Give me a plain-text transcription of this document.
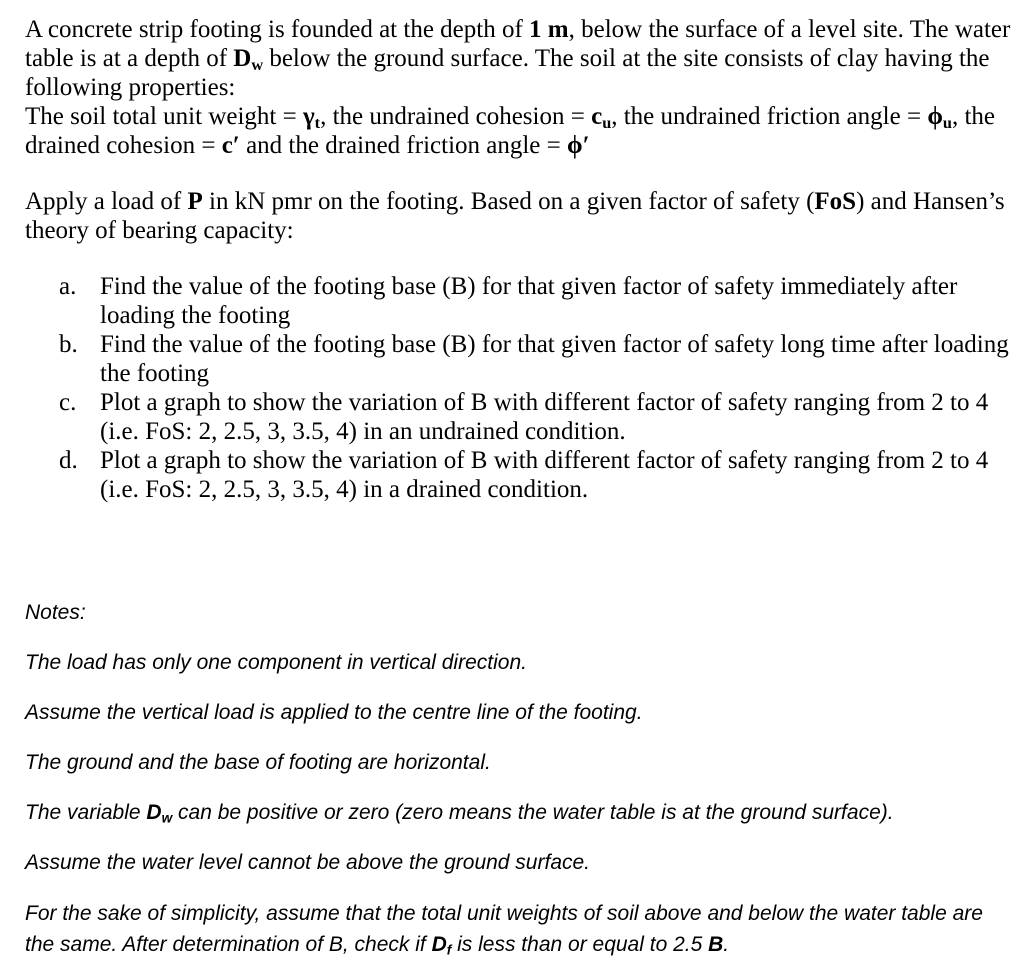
A concrete strip footing is founded at the depth of 1 m, below the surface of a level site. The water table is at a depth of $D_w$ below the ground surface. The soil at the site consists of clay having the following properties:

The soil total unit weight = $\gamma_t$, the undrained cohesion = $c_u$, the undrained friction angle = $\phi_u$, the drained cohesion = c′ and the drained friction angle = ϕ′

Apply a load of P in kN pmr on the footing. Based on a given factor of safety (FoS) and Hansen’s theory of bearing capacity:

a. Find the value of the footing base (B) for that given factor of safety immediately after loading the footing
b. Find the value of the footing base (B) for that given factor of safety long time after loading the footing
c. Plot a graph to show the variation of B with different factor of safety ranging from 2 to 4 (i.e. FoS: 2, 2.5, 3, 3.5, 4) in an undrained condition.
d. Plot a graph to show the variation of B with different factor of safety ranging from 2 to 4 (i.e. FoS: 2, 2.5, 3, 3.5, 4) in a drained condition.
Notes:
The load has only one component in vertical direction.
Assume the vertical load is applied to the centre line of the footing.
The ground and the base of footing are horizontal.
The variable $D_w$ can be positive or zero (zero means the water table is at the ground surface).
Assume the water level cannot be above the ground surface.
For the sake of simplicity, assume that the total unit weights of soil above and below the water table are the same. After determination of B, check if $D_f$ is less than or equal to 2.5 B.
